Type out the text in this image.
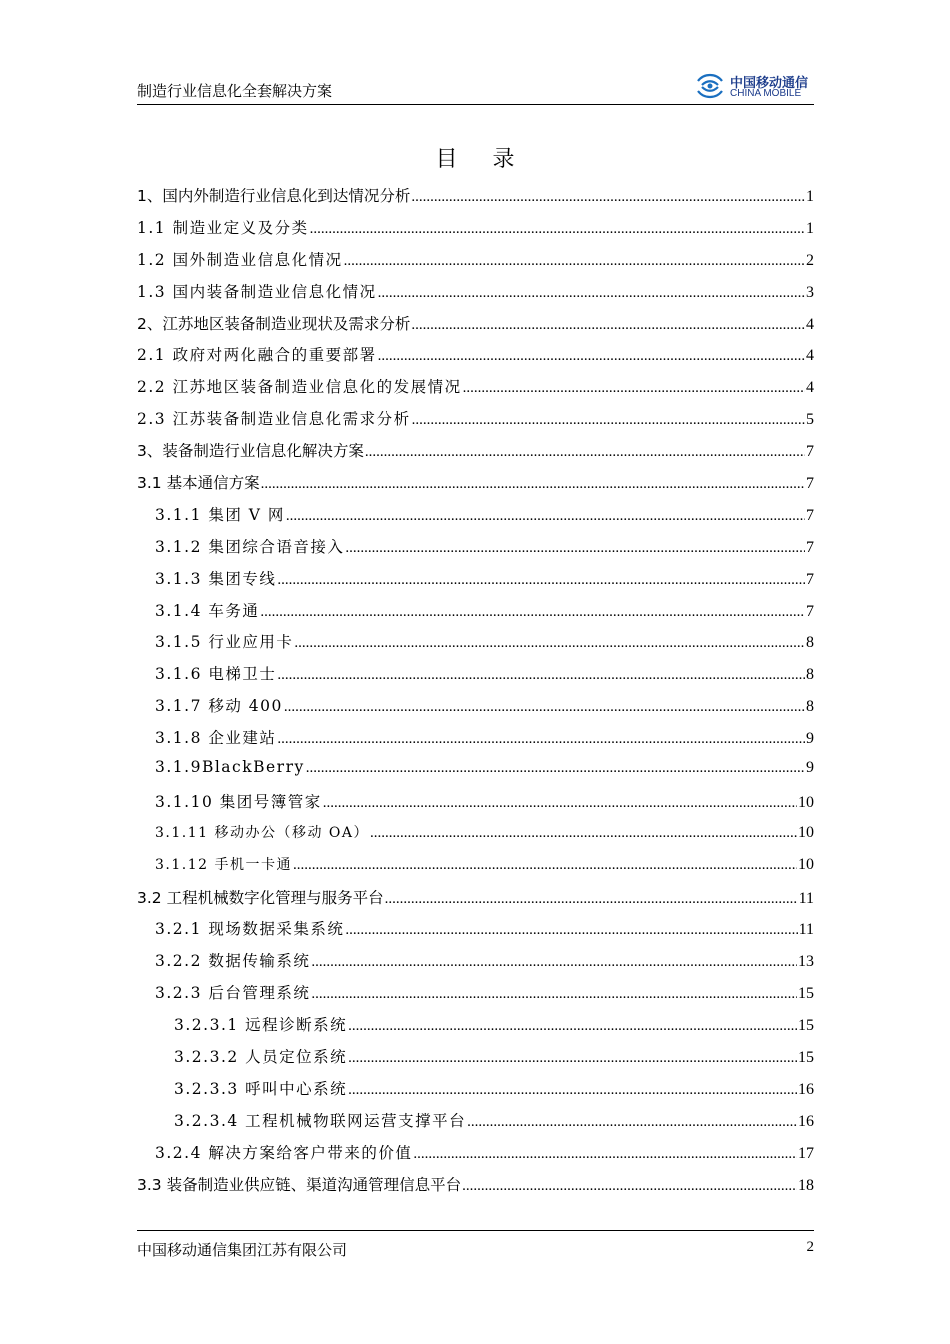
制造行业信息化全套解决方案	中国移动通信
CHINA MOBILE
目 录
1、国内外制造行业信息化到达情况分析 .....	1
1.1 制造业定义及分类 .....	1
1.2 国外制造业信息化情况 .....	2
1.3 国内装备制造业信息化情况 .....	3
2、江苏地区装备制造业现状及需求分析 .....	4
2.1 政府对两化融合的重要部署 .....	4
2.2 江苏地区装备制造业信息化的发展情况 .....	4
2.3 江苏装备制造业信息化需求分析 .....	5
3、装备制造行业信息化解决方案 .....	7
3.1 基本通信方案 .....	7
3.1.1 集团 V 网 .....	7
3.1.2 集团综合语音接入 .....	7
3.1.3 集团专线 .....	7
3.1.4 车务通 .....	7
3.1.5 行业应用卡 .....	8
3.1.6 电梯卫士 .....	8
3.1.7 移动 400 .....	8
3.1.8 企业建站 .....	9
3.1.9BlackBerry .....	9
3.1.10 集团号簿管家 .....	10
3.1.11 移动办公（移动 OA） .....	10
3.1.12 手机一卡通 .....	10
3.2 工程机械数字化管理与服务平台 .....	11
3.2.1 现场数据采集系统 .....	11
3.2.2 数据传输系统 .....	13
3.2.3 后台管理系统 .....	15
3.2.3.1 远程诊断系统 .....	15
3.2.3.2 人员定位系统 .....	15
3.2.3.3 呼叫中心系统 .....	16
3.2.3.4 工程机械物联网运营支撑平台 .....	16
3.2.4 解决方案给客户带来的价值 .....	17
3.3 装备制造业供应链、渠道沟通管理信息平台 .....	18
中国移动通信集团江苏有限公司	2
